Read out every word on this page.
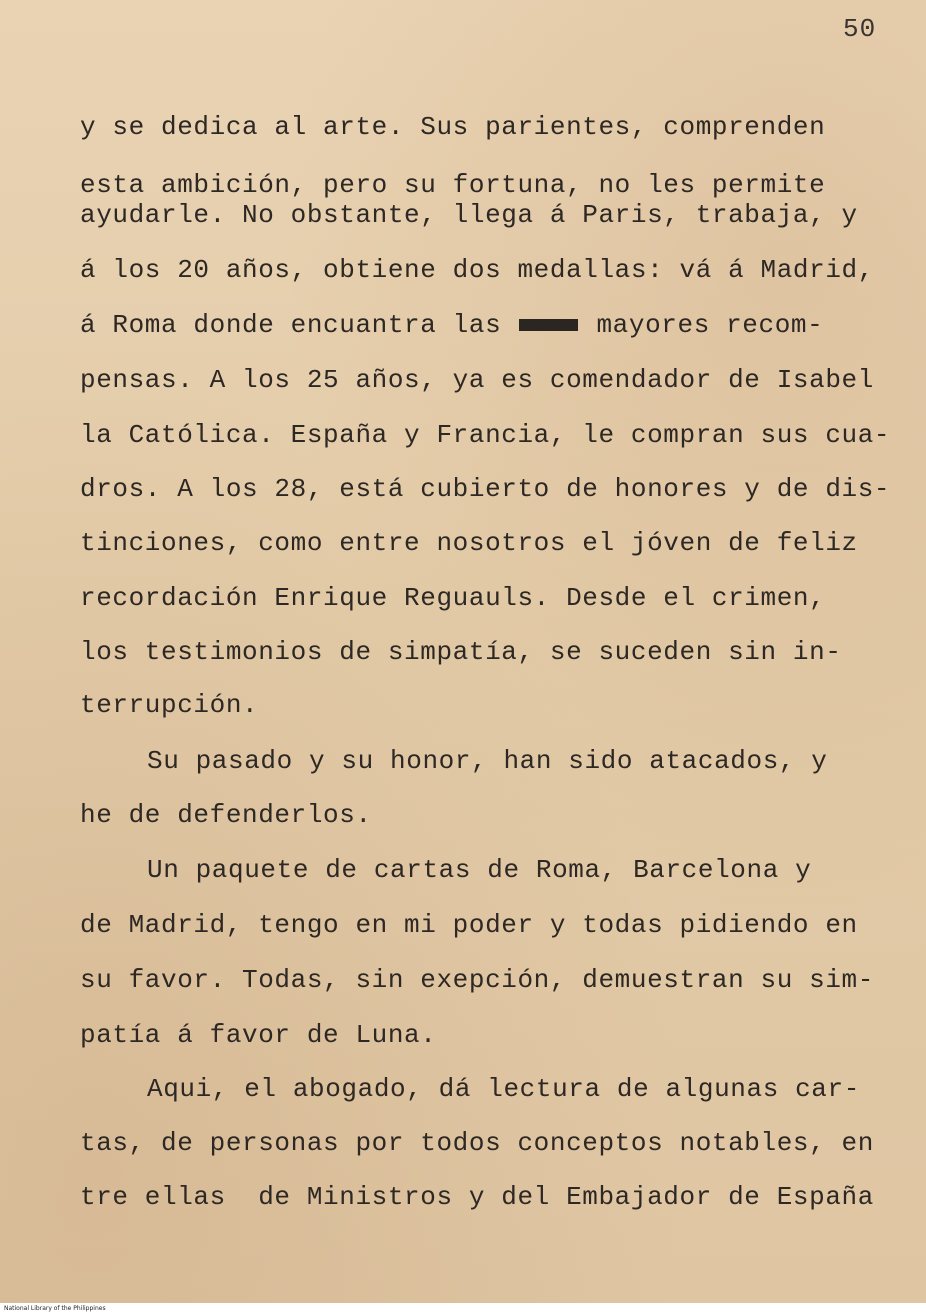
50
y se dedica al arte. Sus parientes, comprenden
esta ambición, pero su fortuna, no les permite
ayudarle. No obstante, llega á Paris, trabaja, y
á los 20 años, obtiene dos medallas: vá á Madrid,
á Roma donde encuantra las mayores mayores recom-
pensas. A los 25 años, ya es comendador de Isabel
la Católica. España y Francia, le compran sus cua-
dros. A los 28, está cubierto de honores y de dis-
tinciones, como entre nosotros el jóven de feliz
recordación Enrique Reguauls. Desde el crimen,
los testimonios de simpatía, se suceden sin in-
terrupción.
Su pasado y su honor, han sido atacados, y
he de defenderlos.
Un paquete de cartas de Roma, Barcelona y
de Madrid, tengo en mi poder y todas pidiendo en
su favor. Todas, sin exepción, demuestran su sim-
patía á favor de Luna.
Aqui, el abogado, dá lectura de algunas car-
tas, de personas por todos conceptos notables, en
tre ellas  de Ministros y del Embajador de España
National Library of the Philippines
